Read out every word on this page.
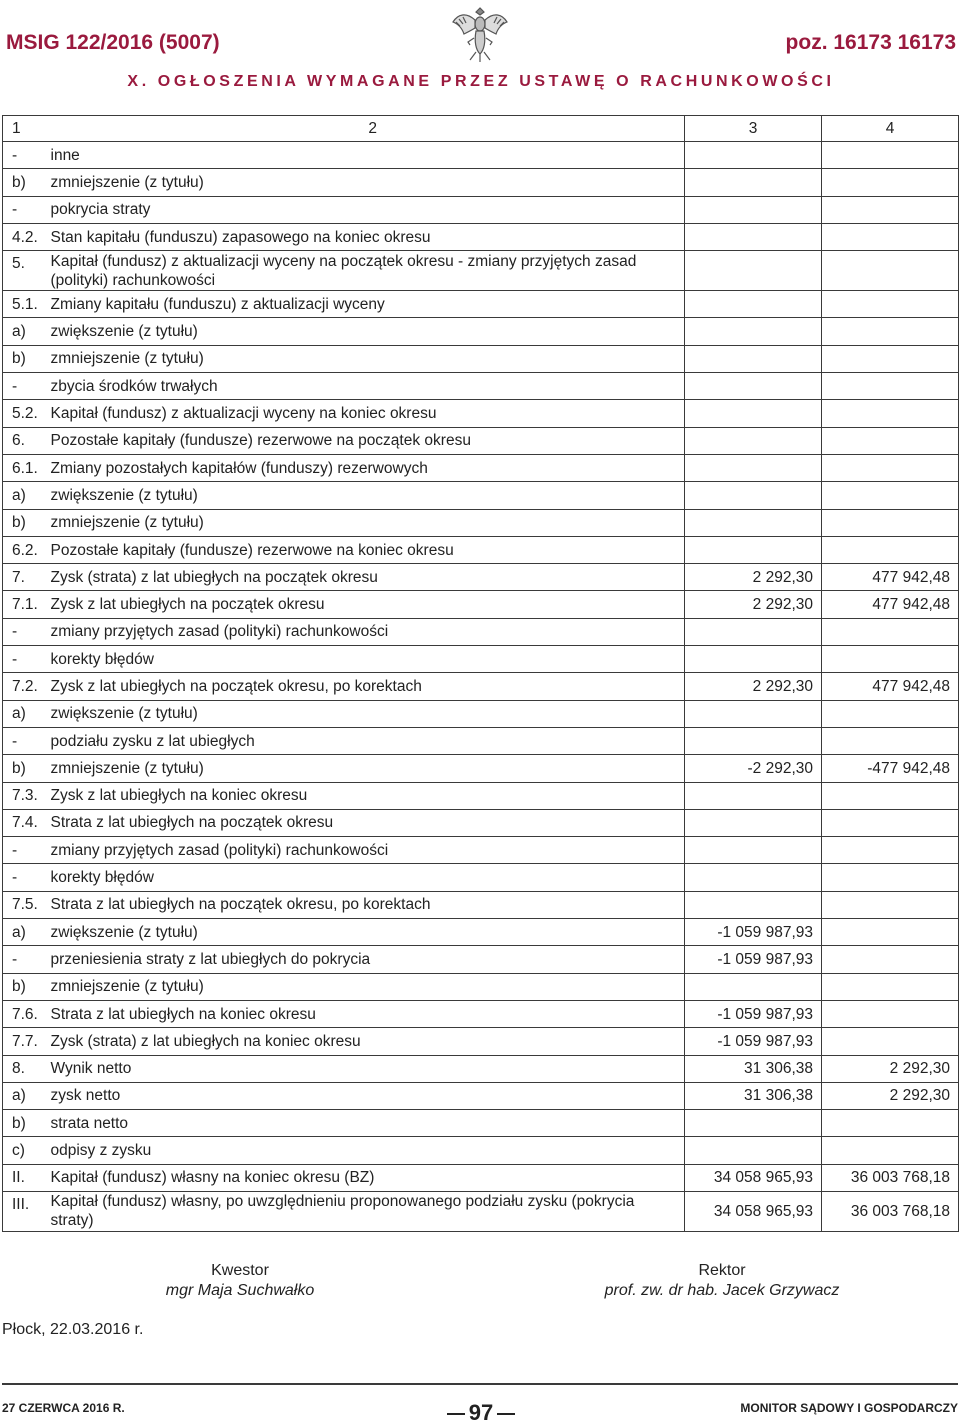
MSIG 122/2016 (5007)	poz. 16173 16173
X. OGŁOSZENIA WYMAGANE PRZEZ USTAWĘ O RACHUNKOWOŚCI
1	2	3	4
-	inne		
b)	zmniejszenie (z tytułu)		
-	pokrycia straty		
4.2.	Stan kapitału (funduszu) zapasowego na koniec okresu		
5.	Kapitał (fundusz) z aktualizacji wyceny na początek okresu - zmiany przyjętych zasad (polityki) rachunkowości		
5.1.	Zmiany kapitału (funduszu) z aktualizacji wyceny		
a)	zwiększenie (z tytułu)		
b)	zmniejszenie (z tytułu)		
-	zbycia środków trwałych		
5.2.	Kapitał (fundusz) z aktualizacji wyceny na koniec okresu		
6.	Pozostałe kapitały (fundusze) rezerwowe na początek okresu		
6.1.	Zmiany pozostałych kapitałów (funduszy) rezerwowych		
a)	zwiększenie (z tytułu)		
b)	zmniejszenie (z tytułu)		
6.2.	Pozostałe kapitały (fundusze) rezerwowe na koniec okresu		
7.	Zysk (strata) z lat ubiegłych na początek okresu	2 292,30	477 942,48
7.1.	Zysk z lat ubiegłych na początek okresu	2 292,30	477 942,48
-	zmiany przyjętych zasad (polityki) rachunkowości		
-	korekty błędów		
7.2.	Zysk z lat ubiegłych na początek okresu, po korektach	2 292,30	477 942,48
a)	zwiększenie (z tytułu)		
-	podziału zysku z lat ubiegłych		
b)	zmniejszenie (z tytułu)	-2 292,30	-477 942,48
7.3.	Zysk z lat ubiegłych na koniec okresu		
7.4.	Strata z lat ubiegłych na początek okresu		
-	zmiany przyjętych zasad (polityki) rachunkowości		
-	korekty błędów		
7.5.	Strata z lat ubiegłych na początek okresu, po korektach		
a)	zwiększenie (z tytułu)	-1 059 987,93	
-	przeniesienia straty z lat ubiegłych do pokrycia	-1 059 987,93	
b)	zmniejszenie (z tytułu)		
7.6.	Strata z lat ubiegłych na koniec okresu	-1 059 987,93	
7.7.	Zysk (strata) z lat ubiegłych na koniec okresu	-1 059 987,93	
8.	Wynik netto	31 306,38	2 292,30
a)	zysk netto	31 306,38	2 292,30
b)	strata netto		
c)	odpisy z zysku		
II.	Kapitał (fundusz) własny na koniec okresu (BZ)	34 058 965,93	36 003 768,18
III.	Kapitał (fundusz) własny, po uwzględnieniu proponowanego podziału zysku (pokrycia straty)	34 058 965,93	36 003 768,18
Kwestor
mgr Maja Suchwałko
Rektor
prof. zw. dr hab. Jacek Grzywacz
Płock, 22.03.2016 r.
27 CZERWCA 2016 R.	97	MONITOR SĄDOWY I GOSPODARCZY
